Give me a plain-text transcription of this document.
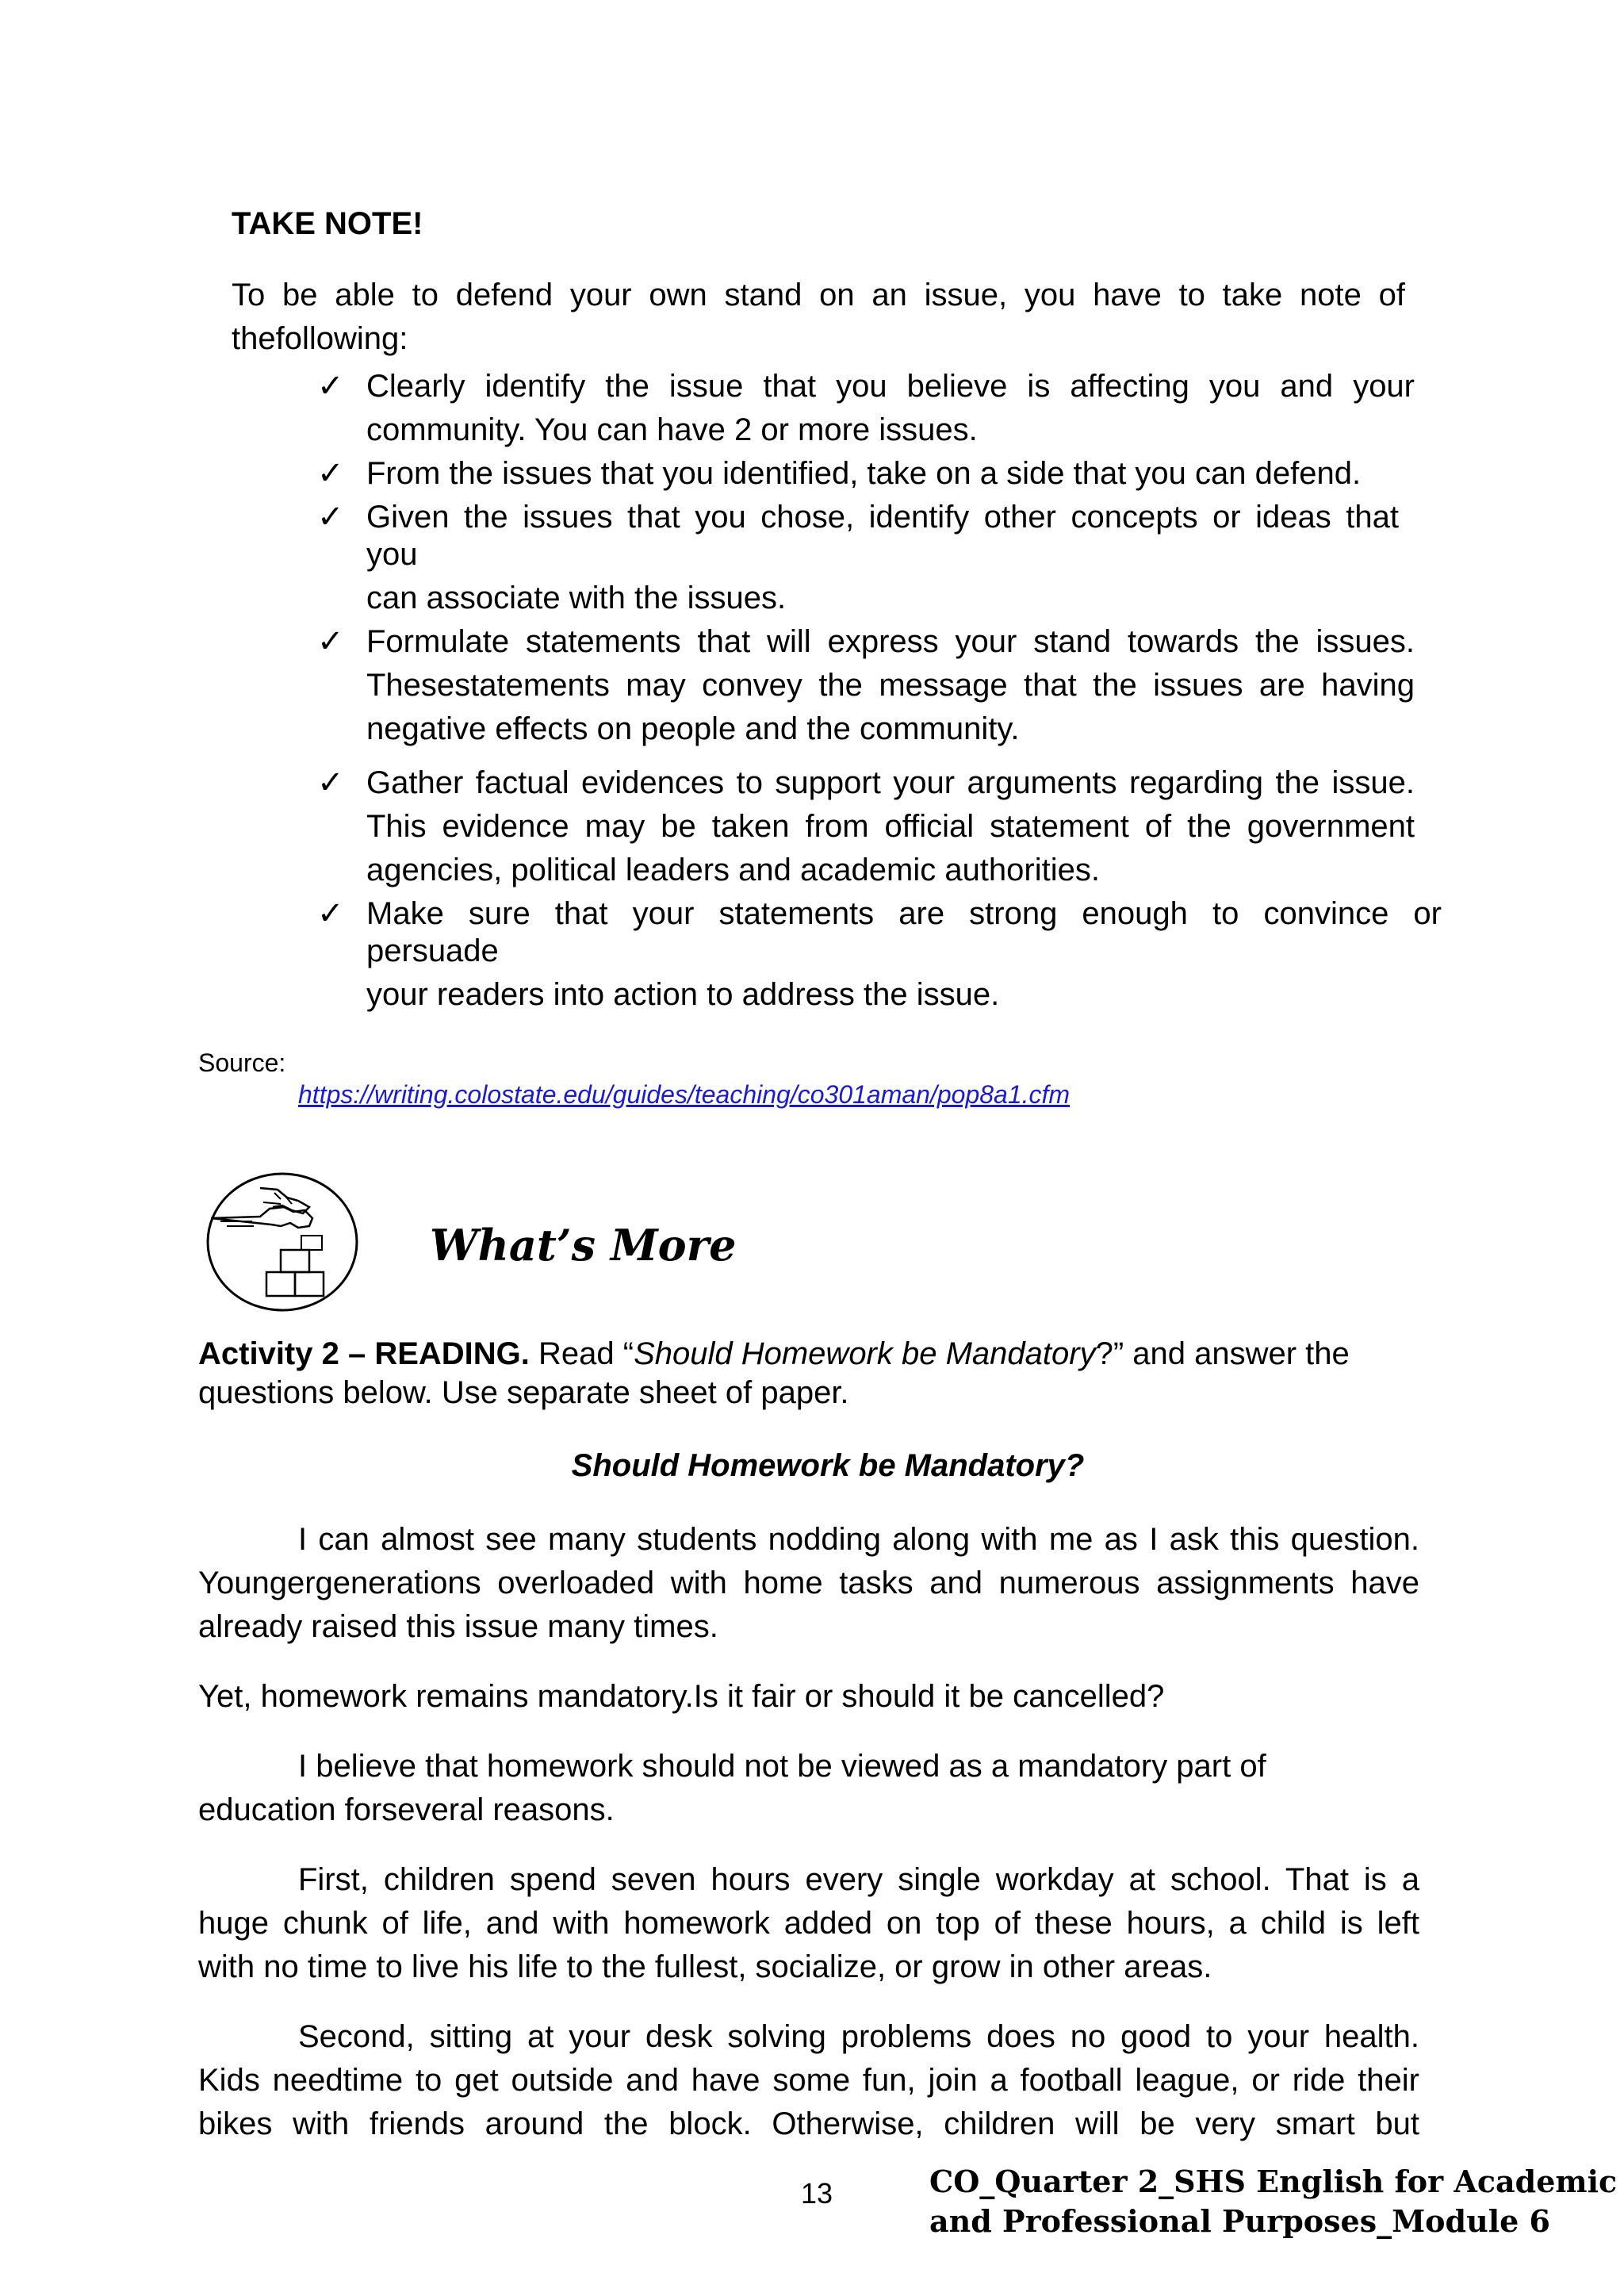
TAKE NOTE!
To be able to defend your own stand on an issue, you have to take note of
thefollowing:
✓ Clearly identify the issue that you believe is affecting you and your
community. You can have 2 or more issues.
✓ From the issues that you identified, take on a side that you can defend.
✓ Given the issues that you chose, identify other concepts or ideas that
you
can associate with the issues.
✓ Formulate statements that will express your stand towards the issues.
Thesestatements may convey the message that the issues are having
negative effects on people and the community.
✓ Gather factual evidences to support your arguments regarding the issue.
This evidence may be taken from official statement of the government
agencies, political leaders and academic authorities.
✓ Make sure that your statements are strong enough to convince or
persuade
your readers into action to address the issue.
Source:
https://writing.colostate.edu/guides/teaching/co301aman/pop8a1.cfm
What’s More
Activity 2 – READING. Read “Should Homework be Mandatory?” and answer the
questions below. Use separate sheet of paper.
Should Homework be Mandatory?
I can almost see many students nodding along with me as I ask this question.
Youngergenerations overloaded with home tasks and numerous assignments have
already raised this issue many times.
Yet, homework remains mandatory.Is it fair or should it be cancelled?
I believe that homework should not be viewed as a mandatory part of
education forseveral reasons.
First, children spend seven hours every single workday at school. That is a
huge chunk of life, and with homework added on top of these hours, a child is left
with no time to live his life to the fullest, socialize, or grow in other areas.
Second, sitting at your desk solving problems does no good to your health.
Kids needtime to get outside and have some fun, join a football league, or ride their
bikes with friends around the block. Otherwise, children will be very smart but
13	CO_Quarter 2_SHS English for Academic
and Professional Purposes_Module 6
